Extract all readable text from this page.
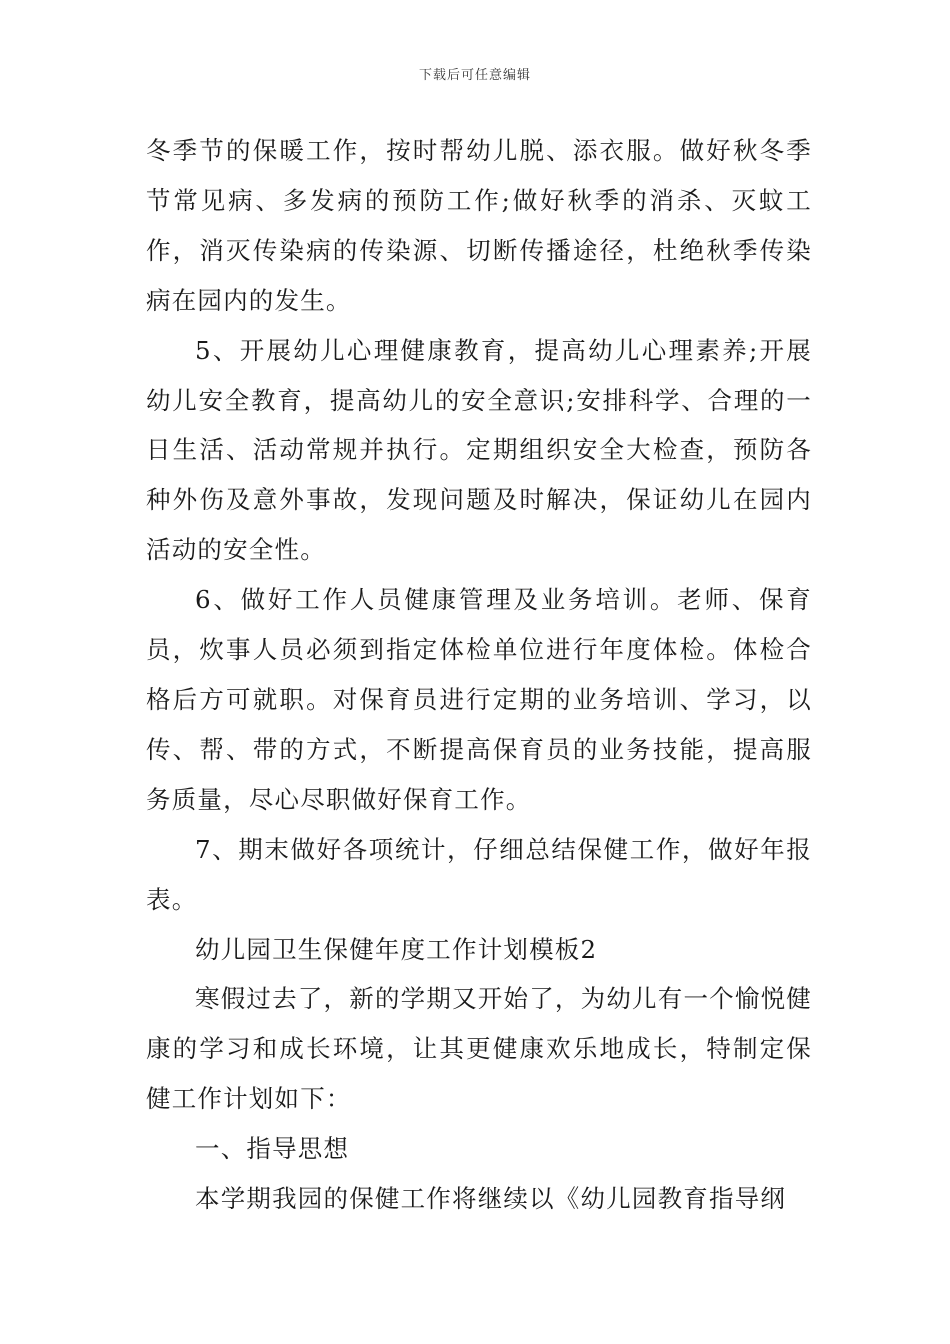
下载后可任意编辑

冬季节的保暖工作，按时帮幼儿脱、添衣服。做好秋冬季节常见病、多发病的预防工作;做好秋季的消杀、灭蚊工作，消灭传染病的传染源、切断传播途径，杜绝秋季传染病在园内的发生。

5、开展幼儿心理健康教育，提高幼儿心理素养;开展幼儿安全教育，提高幼儿的安全意识;安排科学、合理的一日生活、活动常规并执行。定期组织安全大检查，预防各种外伤及意外事故，发现问题及时解决，保证幼儿在园内活动的安全性。

6、做好工作人员健康管理及业务培训。老师、保育员，炊事人员必须到指定体检单位进行年度体检。体检合格后方可就职。对保育员进行定期的业务培训、学习，以传、帮、带的方式，不断提高保育员的业务技能，提高服务质量，尽心尽职做好保育工作。

7、期末做好各项统计，仔细总结保健工作，做好年报表。

幼儿园卫生保健年度工作计划模板2

寒假过去了，新的学期又开始了，为幼儿有一个愉悦健康的学习和成长环境，让其更健康欢乐地成长，特制定保健工作计划如下：

一、指导思想

本学期我园的保健工作将继续以《幼儿园教育指导纲
